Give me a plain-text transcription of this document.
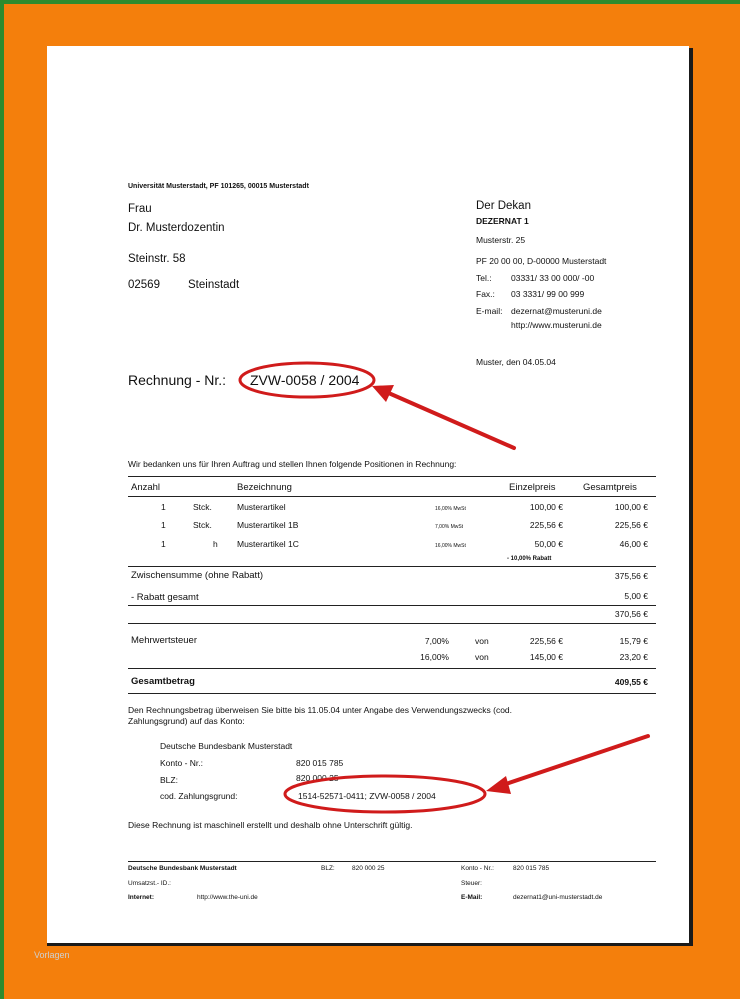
Universität Musterstadt, PF 101265, 00015 Musterstadt
Frau
Dr. Musterdozentin
Steinstr. 58
02569 Steinstadt
Der Dekan
DEZERNAT 1
Musterstr. 25
PF 20 00 00, D-00000 Musterstadt
Tel.: 03331/ 33 00 000/ -00
Fax.: 03 3331/ 99 00 999
E-mail: dezernat@musteruni.de
http://www.musteruni.de
Muster, den 04.05.04
Rechnung - Nr.: ZVW-0058 / 2004
Wir bedanken uns für Ihren Auftrag und stellen Ihnen folgende Positionen in Rechnung:
Anzahl	Bezeichnung	Einzelpreis	Gesamtpreis
1	Stck.	Musterartikel	16,00% MwSt	100,00 €	100,00 €
1	Stck.	Musterartikel 1B	7,00% MwSt	225,56 €	225,56 €
1	h Musterartikel 1C	16,00% MwSt	50,00 €	46,00 €
- 10,00% Rabatt
Zwischensumme (ohne Rabatt)	375,56 €
- Rabatt gesamt	5,00 €
370,56 €
Mehrwertsteuer	7,00%	von	225,56 €	15,79 €
16,00%	von	145,00 €	23,20 €
Gesamtbetrag	409,55 €
Den Rechnungsbetrag überweisen Sie bitte bis 11.05.04 unter Angabe des Verwendungszwecks (cod.
Zahlungsgrund) auf das Konto:
Deutsche Bundesbank Musterstadt
Konto - Nr.:	820 015 785
BLZ:	820 000 25
cod. Zahlungsgrund:	1514-52571-0411; ZVW-0058 / 2004
Diese Rechnung ist maschinell erstellt und deshalb ohne Unterschrift gültig.
Deutsche Bundesbank Musterstadt	BLZ:	820 000 25	Konto - Nr.:	820 015 785
Umsatzst.- ID.:	Steuer:
Internet:	http://www.the-uni.de	E-Mail:	dezernat1@uni-musterstadt.de
Vorlagen
